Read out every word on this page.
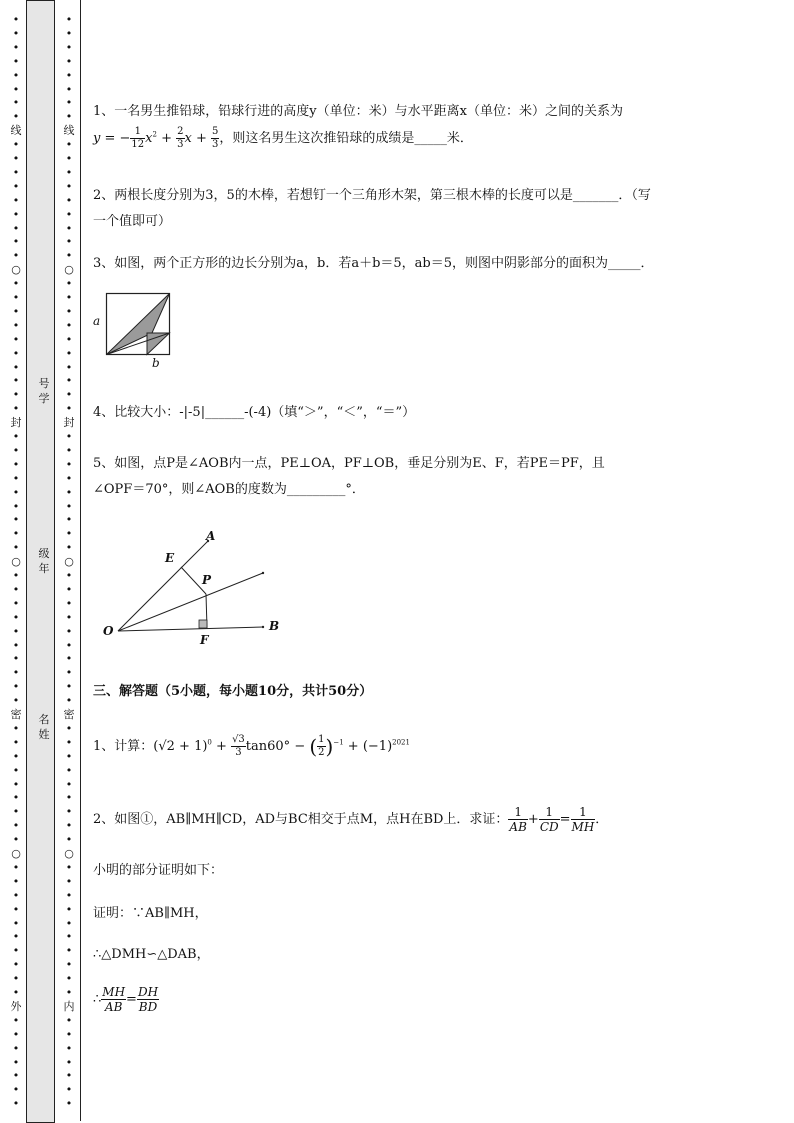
•	•
•	•
•	•
•	•
•	•
•	•
•	•
•	•
线	线
•	•
•	•
•	•
•	•
•	•
•	•
•	•
•	•
•	•
○	○
•	•
•	•
•	•
•	•
•	•
•	•
•	•
•	•
•	•
•	•
封	封
•	•
•	•
•	•
•	•
•	•
•	•
•	•
•	•
•	•
○	○
•	•
•	•
•	•
•	•
•	•
•	•
•	•
•	•
•	•
•	•
密	密
•	•
•	•
•	•
•	•
•	•
•	•
•	•
•	•
•	•
○	○
•	•
•	•
•	•
•	•
•	•
•	•
•	•
•	•
•	•
•	•
外	内
•	•
•	•
•	•
•	•
•	•
•	•
•	•
号学
级年
名姓
1、一名男生推铅球，铅球行进的高度y（单位：米）与水平距离x（单位：米）之间的关系为
y = − $\frac{1}{12} x^2 + \frac{2}{3}$ $x + \frac{5}{3}$ ，则这名男生这次推铅球的成绩是_____米．
2、两根长度分别为3，5的木棒，若想钉一个三角形木架，第三根木棒的长度可以是_______．（写
一个值即可）
3、如图，两个正方形的边长分别为a，b．若a＋b＝5，ab＝5，则图中阴影部分的面积为_____．
a
b
4、比较大小：-|-5|______-(-4)（填“＞”，“＜”，“＝”）
5、如图，点P是∠AOB内一点，PE⊥OA，PF⊥OB，垂足分别为E、F，若PE＝PF，且
∠OPF＝70°，则∠AOB的度数为_________°．
A
E
P
O
F
B
三、解答题（5小题，每小题10分，共计50分）
1、计算：$(√2 + 1)^0 + \frac{√3}{3} \tan 60^\circ$ − ( $\frac{1}{2} )^{-1} + (-1)^{2021}$
2、如图①，AB∥MH∥CD，AD与BC相交于点M，点H在BD上．求证： $\frac{1}{AB} + \frac{1}{CD} = \frac{1}{MH}$ ．
小明的部分证明如下：
证明：∵AB∥MH，
∴△DMH∽△DAB，
∴ $\frac{MH}{AB} = \frac{DH}{BD}$
